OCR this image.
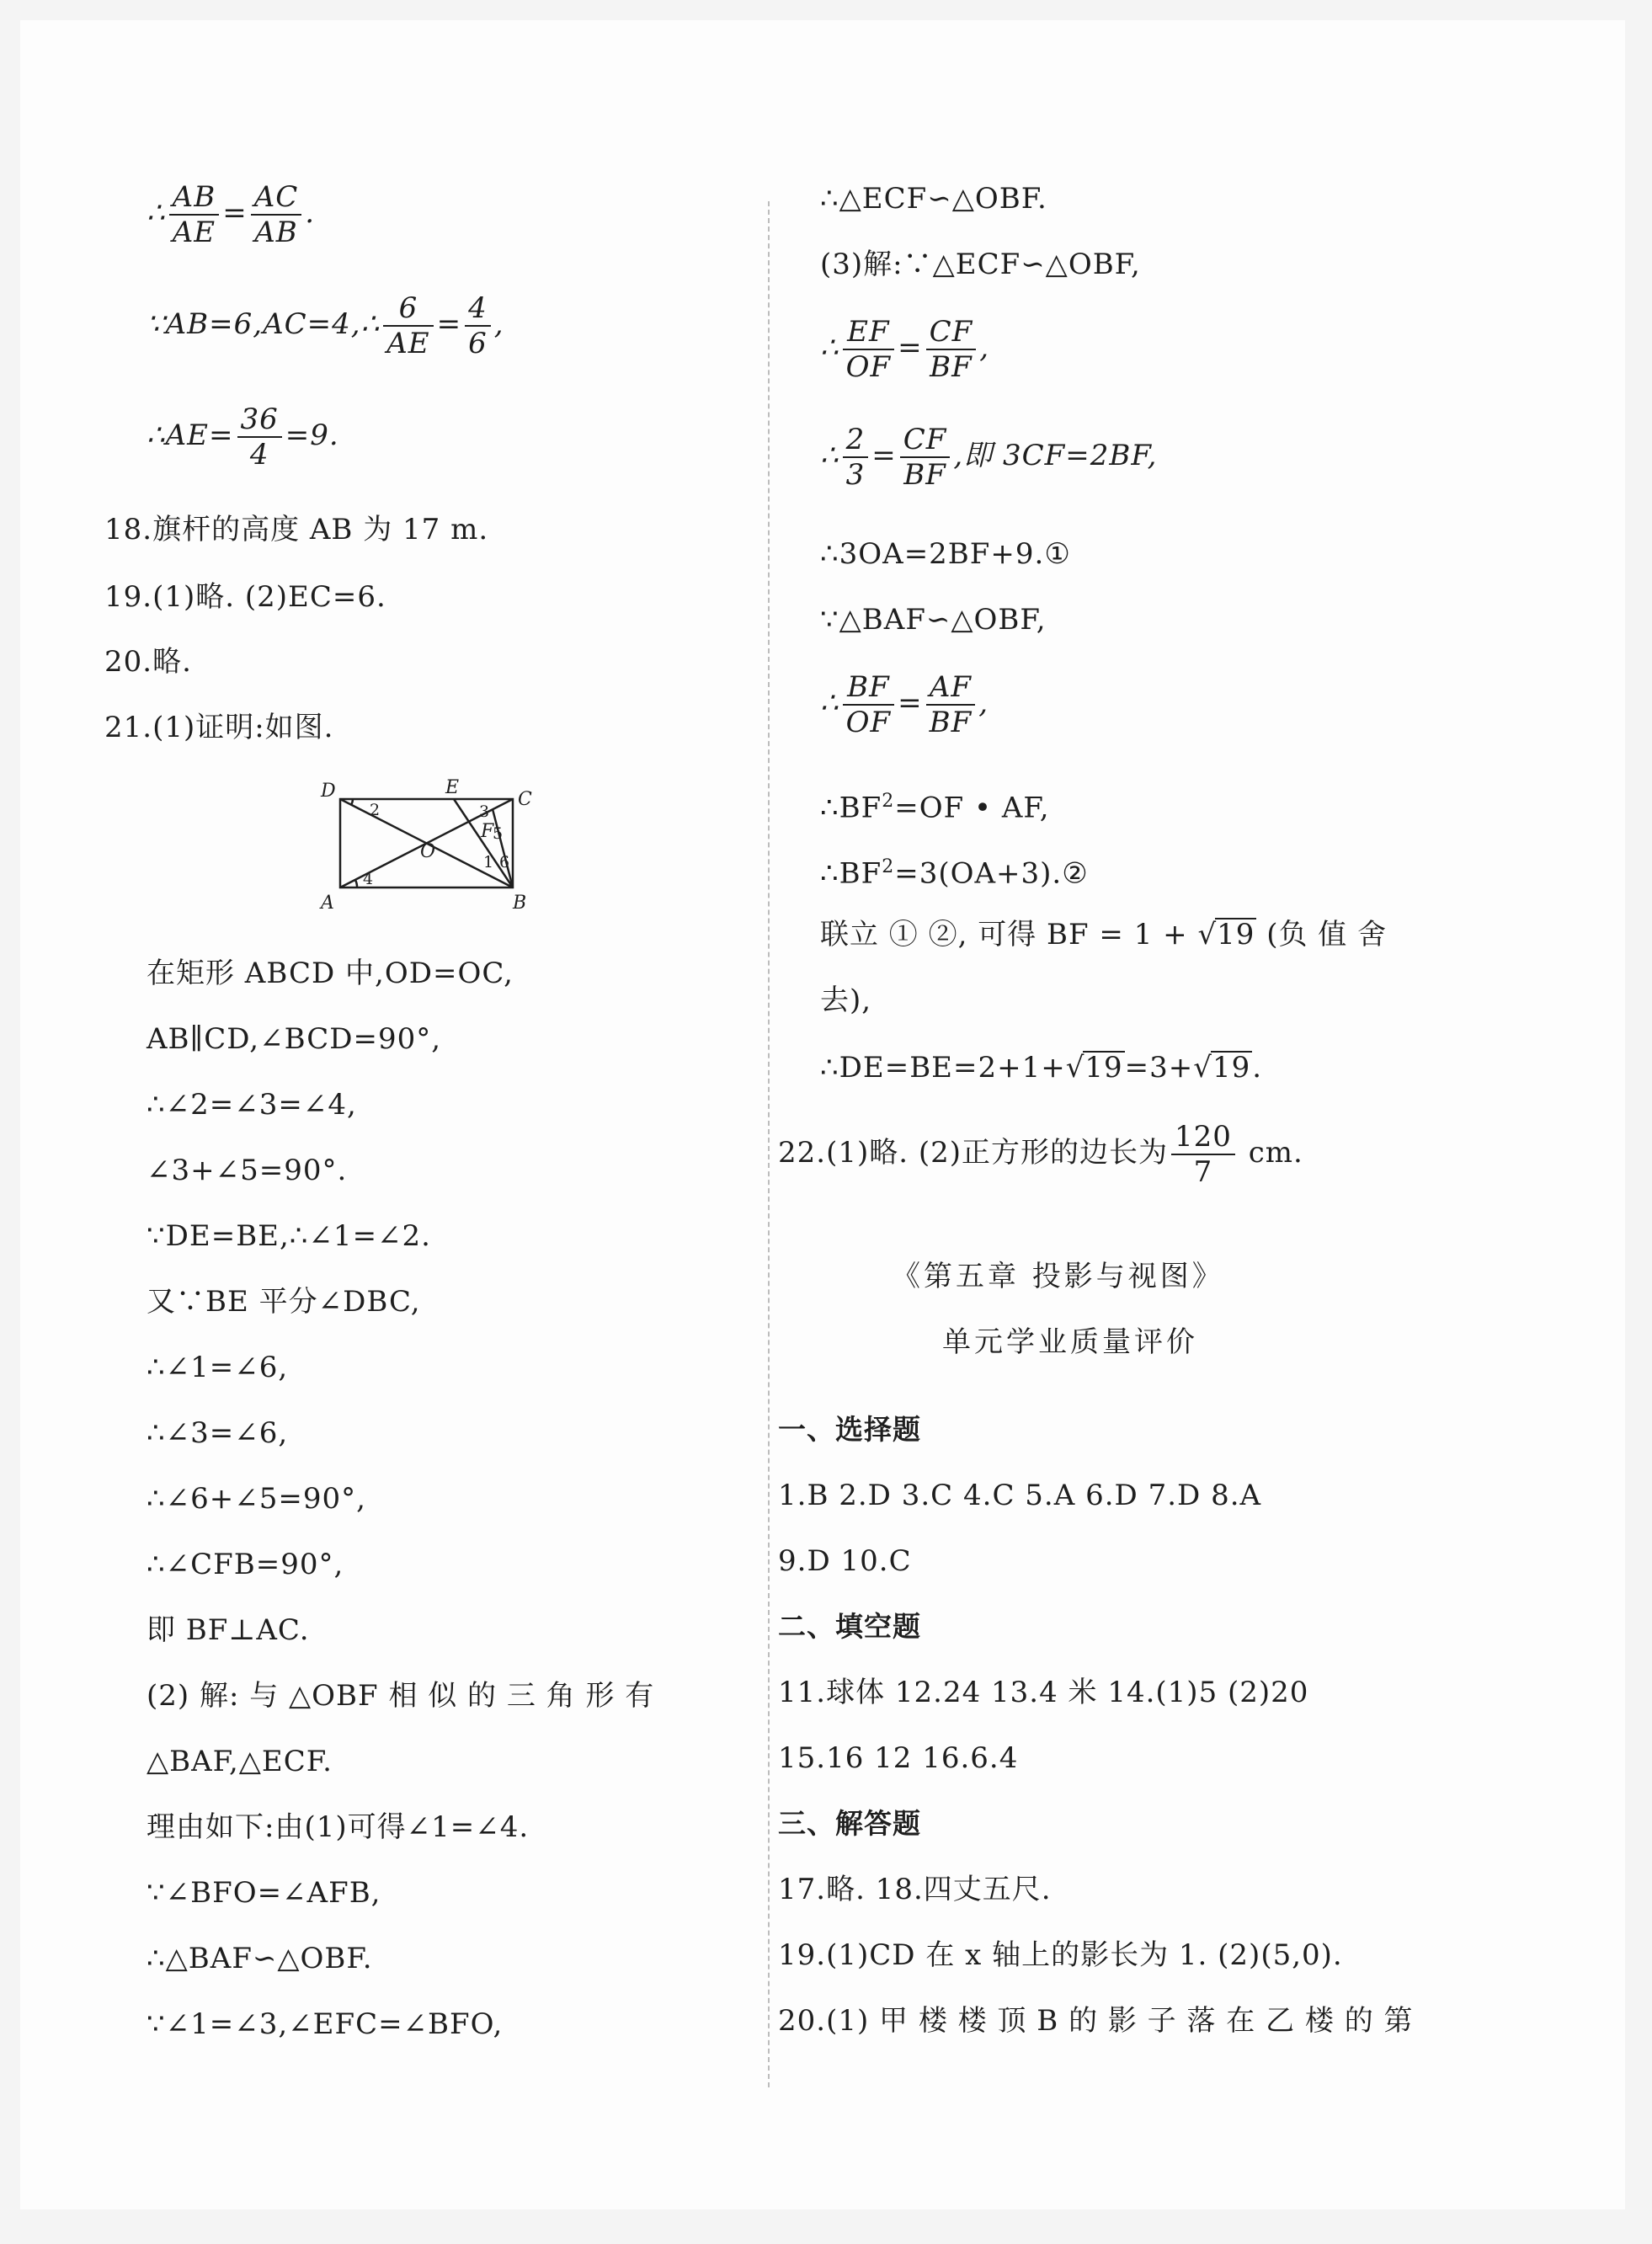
∴ $\frac{AB}{AE} = \frac{AC}{AB}$ .
∵AB=6,AC=4,∴ $\frac{6}{AE} = \frac{4}{6}$ ,
∴AE= $\frac{36}{4} =9$.
18.旗杆的高度 AB 为 17 m.
19.(1)略. (2)EC=6.
20.略.
21.(1)证明:如图.
D	E
C
A	B
O
F
2	3
5
1 6
4
在矩形 ABCD 中,OD=OC,
AB∥CD,∠BCD=90°,
∴∠2=∠3=∠4,
∠3+∠5=90°.
∵DE=BE,∴∠1=∠2.
又∵BE 平分∠DBC,
∴∠1=∠6,
∴∠3=∠6,
∴∠6+∠5=90°,
∴∠CFB=90°,
即 BF⊥AC.
(2) 解: 与 △OBF 相 似 的 三 角 形 有
△BAF,△ECF.
理由如下:由(1)可得∠1=∠4.
∵∠BFO=∠AFB,
∴△BAF∽△OBF.
∵∠1=∠3,∠EFC=∠BFO,
∴△ECF∽△OBF.
(3)解:∵△ECF∽△OBF,
∴ $\frac{EF}{OF} = \frac{CF}{BF}$ ,
∴ $\frac{2}{3} = \frac{CF}{BF}$ ,即 3CF=2BF,
∴3OA=2BF+9.①
∵△BAF∽△OBF,
∴ $\frac{BF}{OF} = \frac{AF}{BF}$ ,
$\therefore BF^2=OF$ • AF,
$\therefore BF^2=3(OA+3).②$
联立 ① ②, 可得 BF = 1 + √19 (负 值 舍
去),
∴DE=BE=2+1+√19=3+√19.
22.(1)略. (2)正方形的边长为 $\frac{120}{7}$ cm.
《第五章 投影与视图》
单元学业质量评价
一、选择题
1.B 2.D 3.C 4.C 5.A 6.D 7.D 8.A
9.D 10.C
二、填空题
11.球体 12.24 13.4 米 14.(1)5 (2)20
15.16 12 16.6.4
三、解答题
17.略. 18.四丈五尺.
19.(1)CD 在 x 轴上的影长为 1. (2)(5,0).
20.(1) 甲 楼 楼 顶 B 的 影 子 落 在 乙 楼 的 第
